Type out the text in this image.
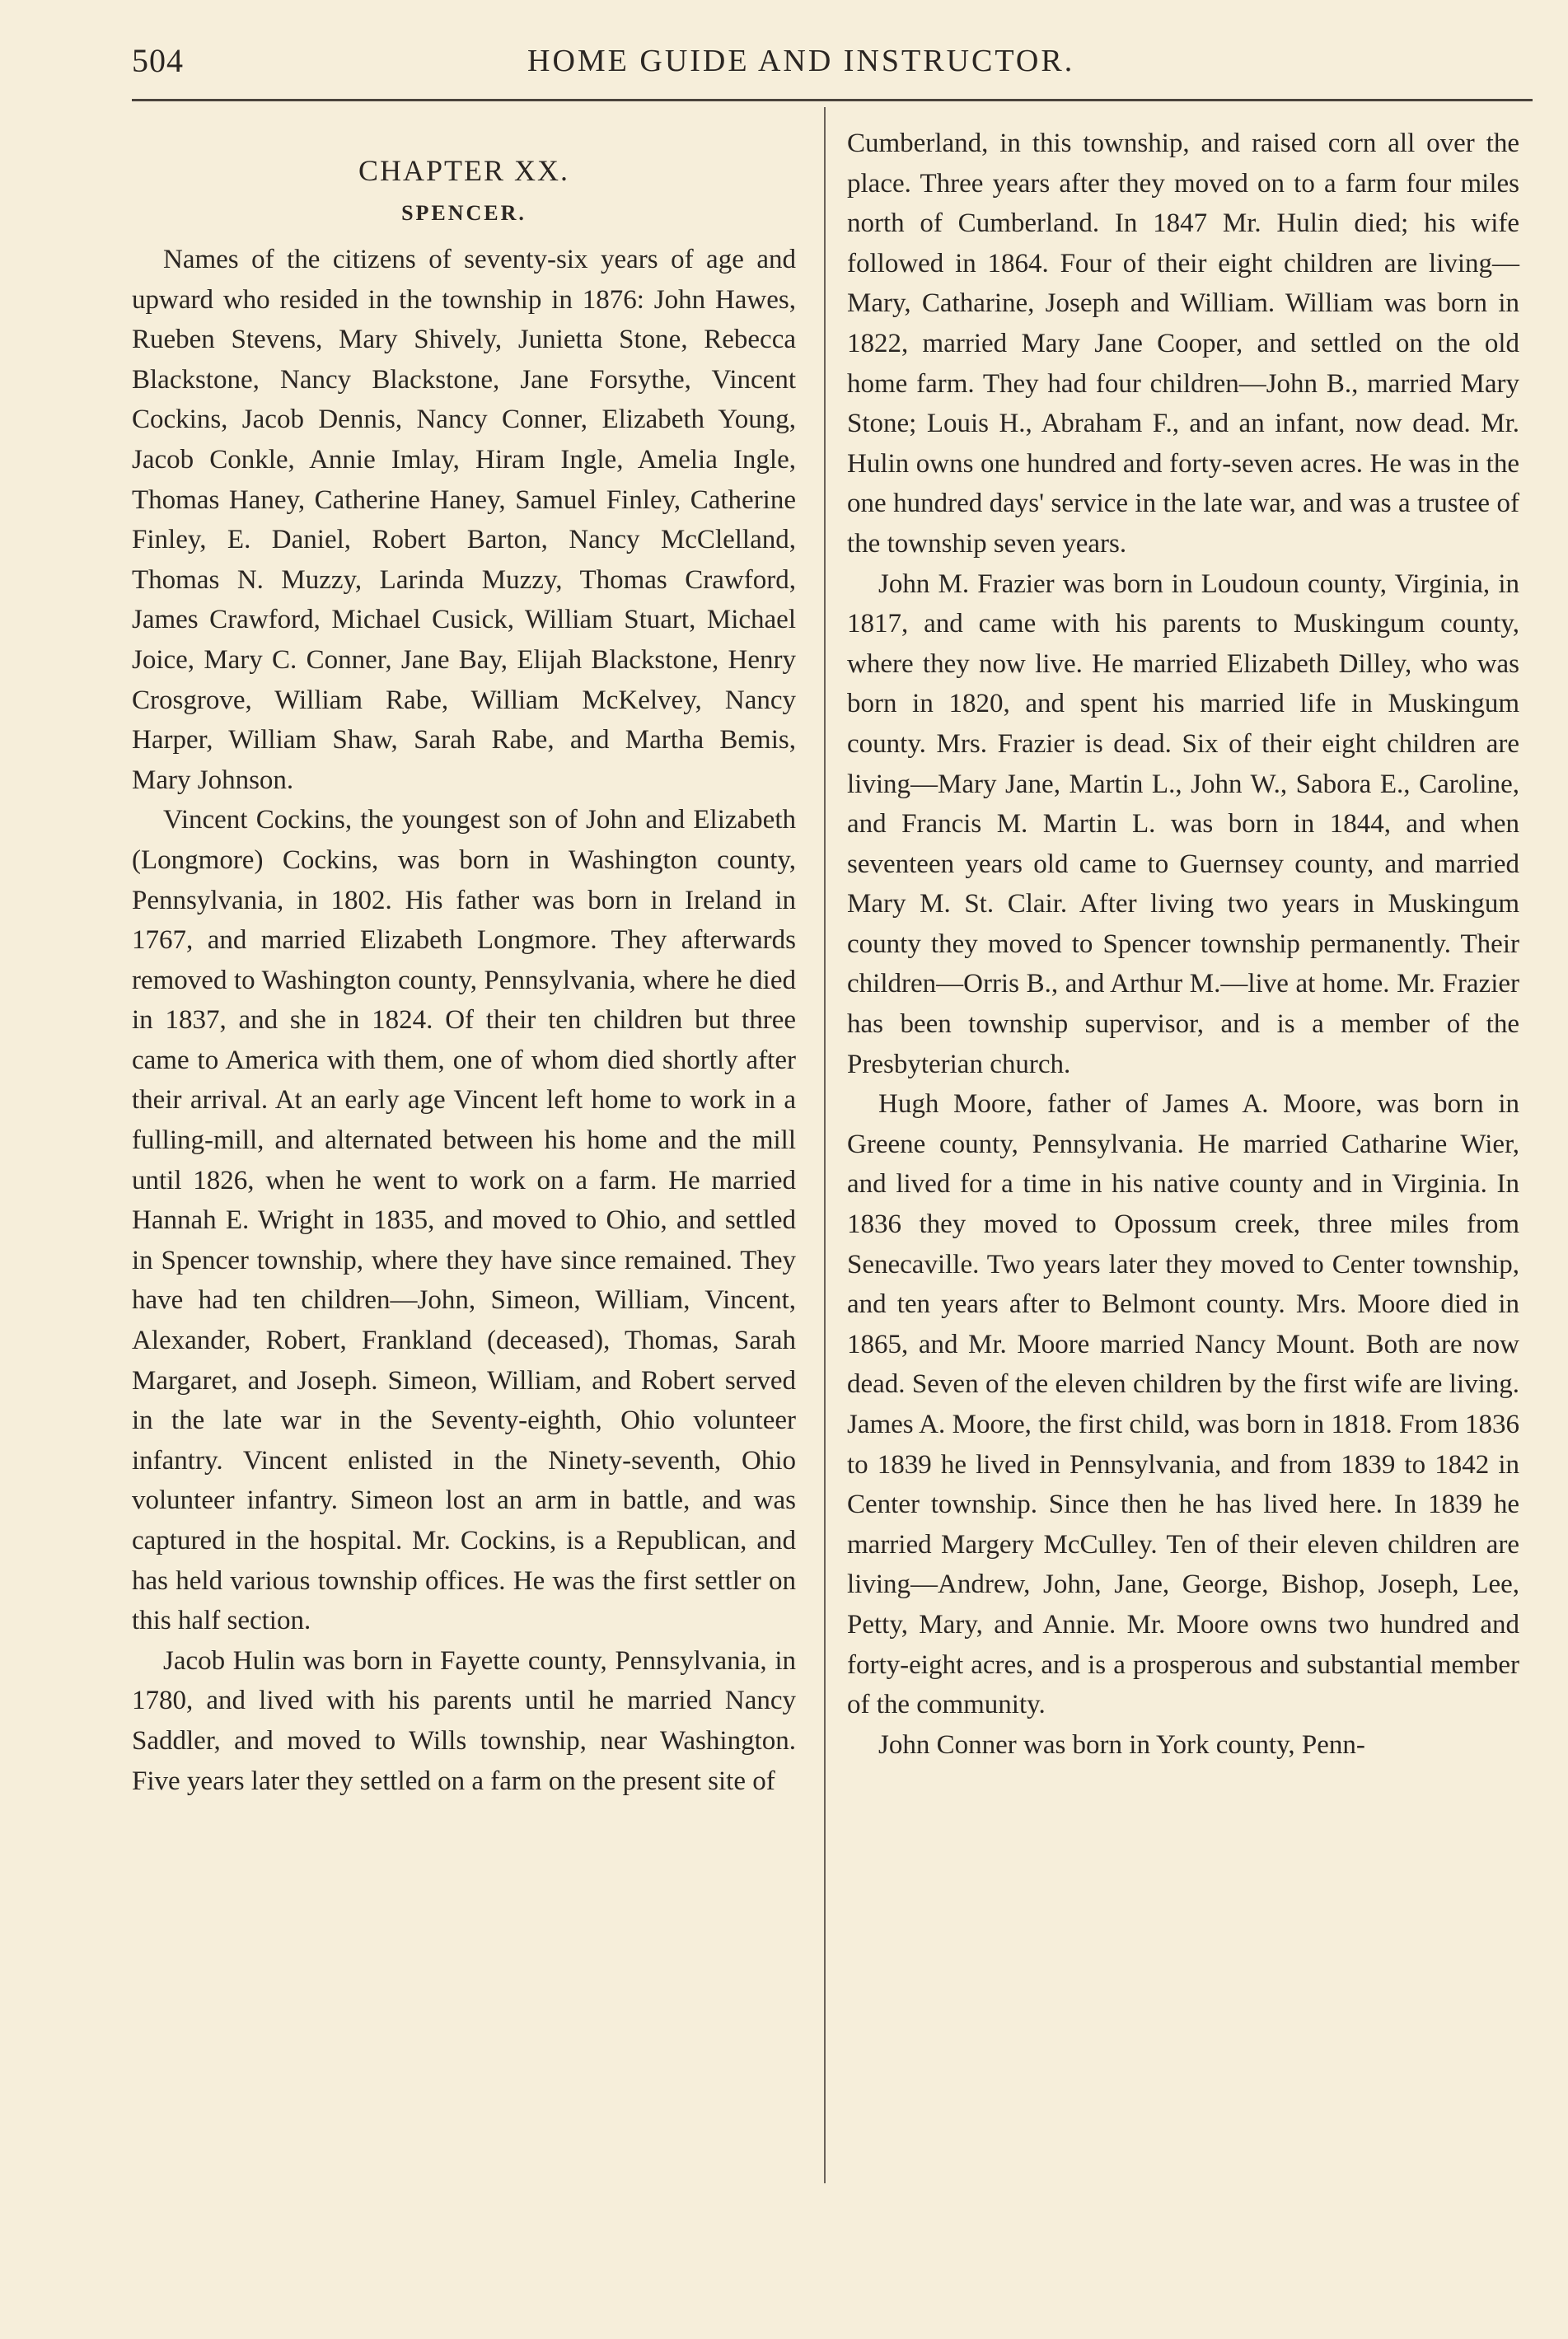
504	HOME GUIDE AND INSTRUCTOR.
CHAPTER XX.
SPENCER.

Names of the citizens of seventy-six years of age and upward who resided in the township in 1876: John Hawes, Rueben Stevens, Mary Shively, Junietta Stone, Rebecca Blackstone, Nancy Blackstone, Jane Forsythe, Vincent Cockins, Jacob Dennis, Nancy Conner, Elizabeth Young, Jacob Conkle, Annie Imlay, Hiram Ingle, Amelia Ingle, Thomas Haney, Catherine Haney, Samuel Finley, Catherine Finley, E. Daniel, Robert Barton, Nancy McClelland, Thomas N. Muzzy, Larinda Muzzy, Thomas Crawford, James Crawford, Michael Cusick, William Stuart, Michael Joice, Mary C. Conner, Jane Bay, Elijah Blackstone, Henry Crosgrove, William Rabe, William McKelvey, Nancy Harper, William Shaw, Sarah Rabe, and Martha Bemis, Mary Johnson.

Vincent Cockins, the youngest son of John and Elizabeth (Longmore) Cockins, was born in Washington county, Pennsylvania, in 1802. His father was born in Ireland in 1767, and married Elizabeth Longmore. They afterwards removed to Washington county, Pennsylvania, where he died in 1837, and she in 1824. Of their ten children but three came to America with them, one of whom died shortly after their arrival. At an early age Vincent left home to work in a fulling-mill, and alternated between his home and the mill until 1826, when he went to work on a farm. He married Hannah E. Wright in 1835, and moved to Ohio, and settled in Spencer township, where they have since remained. They have had ten children—John, Simeon, William, Vincent, Alexander, Robert, Frankland (deceased), Thomas, Sarah Margaret, and Joseph. Simeon, William, and Robert served in the late war in the Seventy-eighth, Ohio volunteer infantry. Vincent enlisted in the Ninety-seventh, Ohio volunteer infantry. Simeon lost an arm in battle, and was captured in the hospital. Mr. Cockins, is a Republican, and has held various township offices. He was the first settler on this half section.

Jacob Hulin was born in Fayette county, Pennsylvania, in 1780, and lived with his parents until he married Nancy Saddler, and moved to Wills township, near Washington. Five years later they settled on a farm on the present site of

Cumberland, in this township, and raised corn all over the place. Three years after they moved on to a farm four miles north of Cumberland. In 1847 Mr. Hulin died; his wife followed in 1864. Four of their eight children are living—Mary, Catharine, Joseph and William. William was born in 1822, married Mary Jane Cooper, and settled on the old home farm. They had four children—John B., married Mary Stone; Louis H., Abraham F., and an infant, now dead. Mr. Hulin owns one hundred and forty-seven acres. He was in the one hundred days' service in the late war, and was a trustee of the township seven years.

John M. Frazier was born in Loudoun county, Virginia, in 1817, and came with his parents to Muskingum county, where they now live. He married Elizabeth Dilley, who was born in 1820, and spent his married life in Muskingum county. Mrs. Frazier is dead. Six of their eight children are living—Mary Jane, Martin L., John W., Sabora E., Caroline, and Francis M. Martin L. was born in 1844, and when seventeen years old came to Guernsey county, and married Mary M. St. Clair. After living two years in Muskingum county they moved to Spencer township permanently. Their children—Orris B., and Arthur M.—live at home. Mr. Frazier has been township supervisor, and is a member of the Presbyterian church.

Hugh Moore, father of James A. Moore, was born in Greene county, Pennsylvania. He married Catharine Wier, and lived for a time in his native county and in Virginia. In 1836 they moved to Opossum creek, three miles from Senecaville. Two years later they moved to Center township, and ten years after to Belmont county. Mrs. Moore died in 1865, and Mr. Moore married Nancy Mount. Both are now dead. Seven of the eleven children by the first wife are living. James A. Moore, the first child, was born in 1818. From 1836 to 1839 he lived in Pennsylvania, and from 1839 to 1842 in Center township. Since then he has lived here. In 1839 he married Margery McCulley. Ten of their eleven children are living—Andrew, John, Jane, George, Bishop, Joseph, Lee, Petty, Mary, and Annie. Mr. Moore owns two hundred and forty-eight acres, and is a prosperous and substantial member of the community.

John Conner was born in York county, Penn-
